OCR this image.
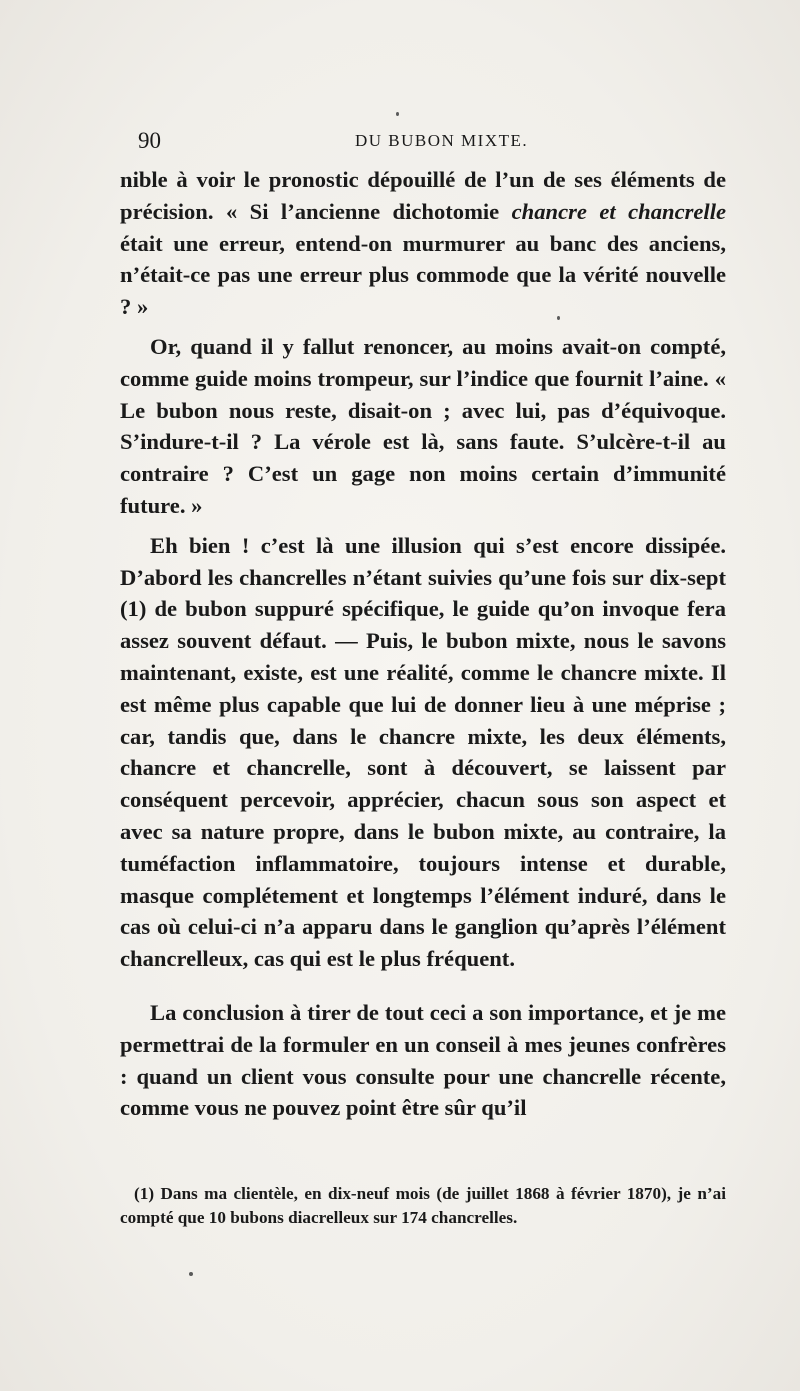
90	DU BUBON MIXTE.

nible à voir le pronostic dépouillé de l’un de ses éléments de précision. « Si l’ancienne dichotomie chancre et chancrelle était une erreur, entend-on murmurer au banc des anciens, n’était-ce pas une erreur plus commode que la vérité nouvelle ? »

Or, quand il y fallut renoncer, au moins avait-on compté, comme guide moins trompeur, sur l’indice que fournit l’aine. « Le bubon nous reste, disait-on ; avec lui, pas d’équivoque. S’indure-t-il ? La vérole est là, sans faute. S’ulcère-t-il au contraire ? C’est un gage non moins certain d’immunité future. »

Eh bien ! c’est là une illusion qui s’est encore dissipée. D’abord les chancrelles n’étant suivies qu’une fois sur dix-sept (1) de bubon suppuré spécifique, le guide qu’on invoque fera assez souvent défaut. — Puis, le bubon mixte, nous le savons maintenant, existe, est une réalité, comme le chancre mixte. Il est même plus capable que lui de donner lieu à une méprise ; car, tandis que, dans le chancre mixte, les deux éléments, chancre et chancrelle, sont à découvert, se laissent par conséquent percevoir, apprécier, chacun sous son aspect et avec sa nature propre, dans le bubon mixte, au contraire, la tuméfaction inflammatoire, toujours intense et durable, masque complétement et longtemps l’élément induré, dans le cas où celui-ci n’a apparu dans le ganglion qu’après l’élément chancrelleux, cas qui est le plus fréquent.

La conclusion à tirer de tout ceci a son importance, et je me permettrai de la formuler en un conseil à mes jeunes confrères : quand un client vous consulte pour une chancrelle récente, comme vous ne pouvez point être sûr qu’il

(1) Dans ma clientèle, en dix-neuf mois (de juillet 1868 à février 1870), je n’ai compté que 10 bubons diacrelleux sur 174 chancrelles.
